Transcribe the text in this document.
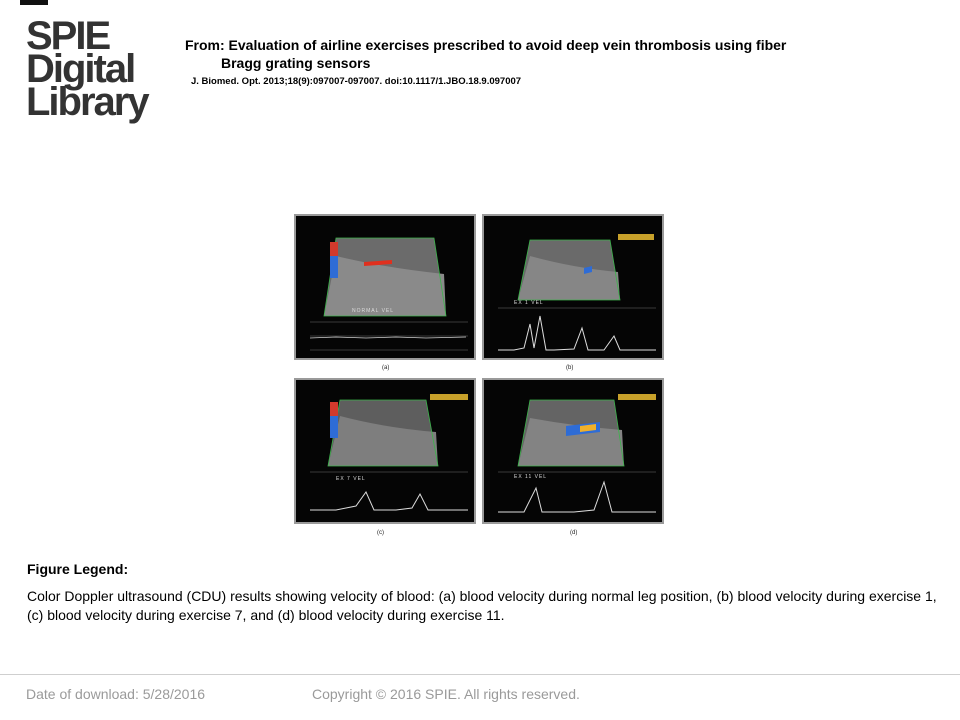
SPIE
Digital
Library
From: Evaluation of airline exercises prescribed to avoid deep vein thrombosis using fiber
Bragg grating sensors
J. Biomed. Opt. 2013;18(9):097007-097007. doi:10.1117/1.JBO.18.9.097007
NORMAL VEL
(a)
EX 1 VEL
(b)
EX 7 VEL
(c)
EX 11 VEL
(d)
Figure Legend:
Color Doppler ultrasound (CDU) results showing velocity of blood: (a) blood velocity during normal leg position, (b) blood velocity during exercise 1, (c) blood velocity during exercise 7, and (d) blood velocity during exercise 11.
Date of download: 5/28/2016	Copyright © 2016 SPIE. All rights reserved.
